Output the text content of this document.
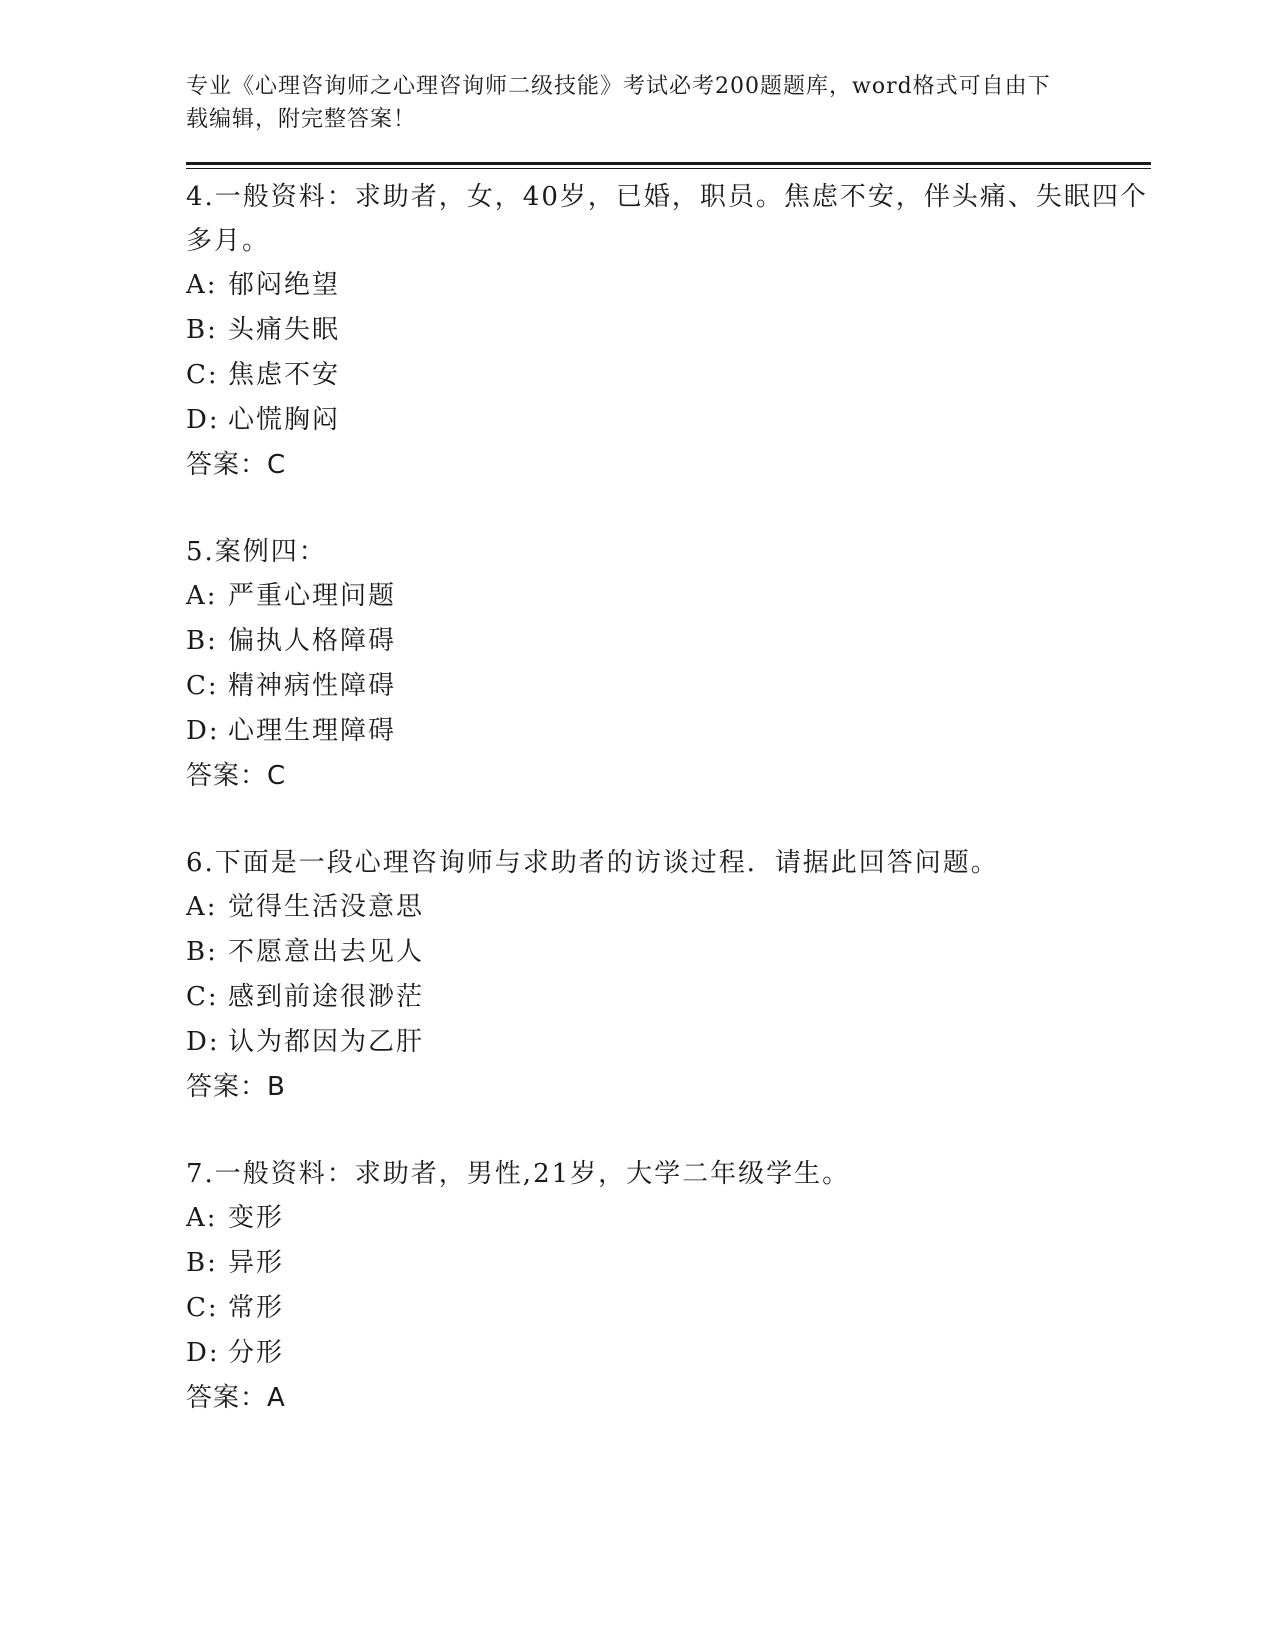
专业《心理咨询师之心理咨询师二级技能》考试必考200题题库，word格式可自由下载编辑，附完整答案！
4.一般资料：求助者，女，40岁，已婚，职员。焦虑不安，伴头痛、失眠四个多月。
A: 郁闷绝望
B: 头痛失眠
C: 焦虑不安
D: 心慌胸闷
答案：C
5.案例四：
A: 严重心理问题
B: 偏执人格障碍
C: 精神病性障碍
D: 心理生理障碍
答案：C
6.下面是一段心理咨询师与求助者的访谈过程．请据此回答问题。
A: 觉得生活没意思
B: 不愿意出去见人
C: 感到前途很渺茫
D: 认为都因为乙肝
答案：B
7.一般资料：求助者，男性,21岁，大学二年级学生。
A: 变形
B: 异形
C: 常形
D: 分形
答案：A
